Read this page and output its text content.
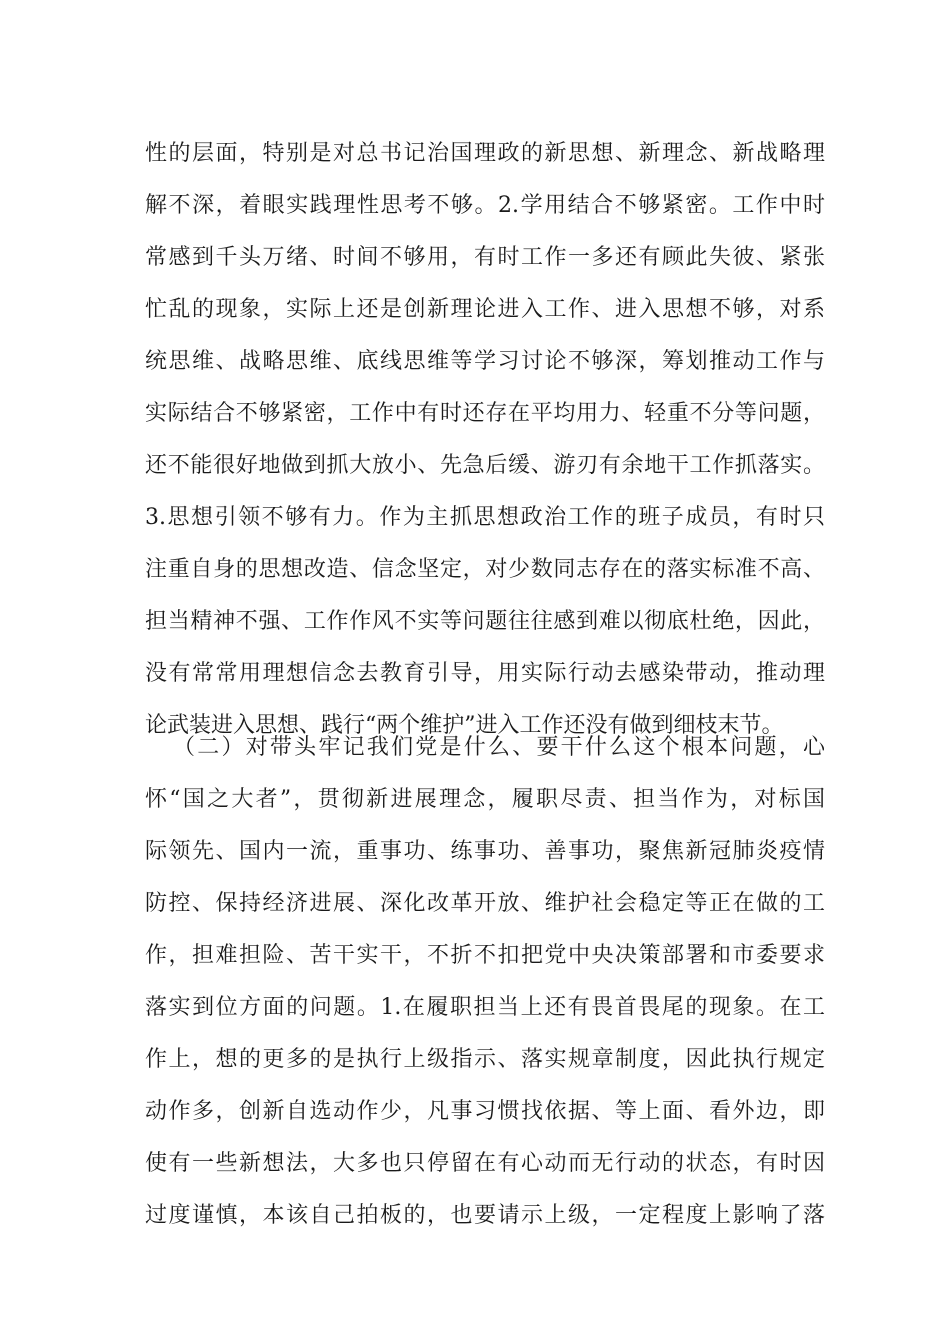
性的层面，特别是对总书记治国理政的新思想、新理念、新战略理
解不深，着眼实践理性思考不够。2.学用结合不够紧密。工作中时
常感到千头万绪、时间不够用，有时工作一多还有顾此失彼、紧张
忙乱的现象，实际上还是创新理论进入工作、进入思想不够，对系
统思维、战略思维、底线思维等学习讨论不够深，筹划推动工作与
实际结合不够紧密，工作中有时还存在平均用力、轻重不分等问题，
还不能很好地做到抓大放小、先急后缓、游刃有余地干工作抓落实。
3.思想引领不够有力。作为主抓思想政治工作的班子成员，有时只
注重自身的思想改造、信念坚定，对少数同志存在的落实标准不高、
担当精神不强、工作作风不实等问题往往感到难以彻底杜绝，因此，
没有常常用理想信念去教育引导，用实际行动去感染带动，推动理
论武装进入思想、践行“两个维护”进入工作还没有做到细枝末节。
（二）对带头牢记我们党是什么、要干什么这个根本问题，心
怀“国之大者”，贯彻新进展理念，履职尽责、担当作为，对标国
际领先、国内一流，重事功、练事功、善事功，聚焦新冠肺炎疫情
防控、保持经济进展、深化改革开放、维护社会稳定等正在做的工
作，担难担险、苦干实干，不折不扣把党中央决策部署和市委要求
落实到位方面的问题。1.在履职担当上还有畏首畏尾的现象。在工
作上，想的更多的是执行上级指示、落实规章制度，因此执行规定
动作多，创新自选动作少，凡事习惯找依据、等上面、看外边，即
使有一些新想法，大多也只停留在有心动而无行动的状态，有时因
过度谨慎，本该自己拍板的，也要请示上级，一定程度上影响了落
